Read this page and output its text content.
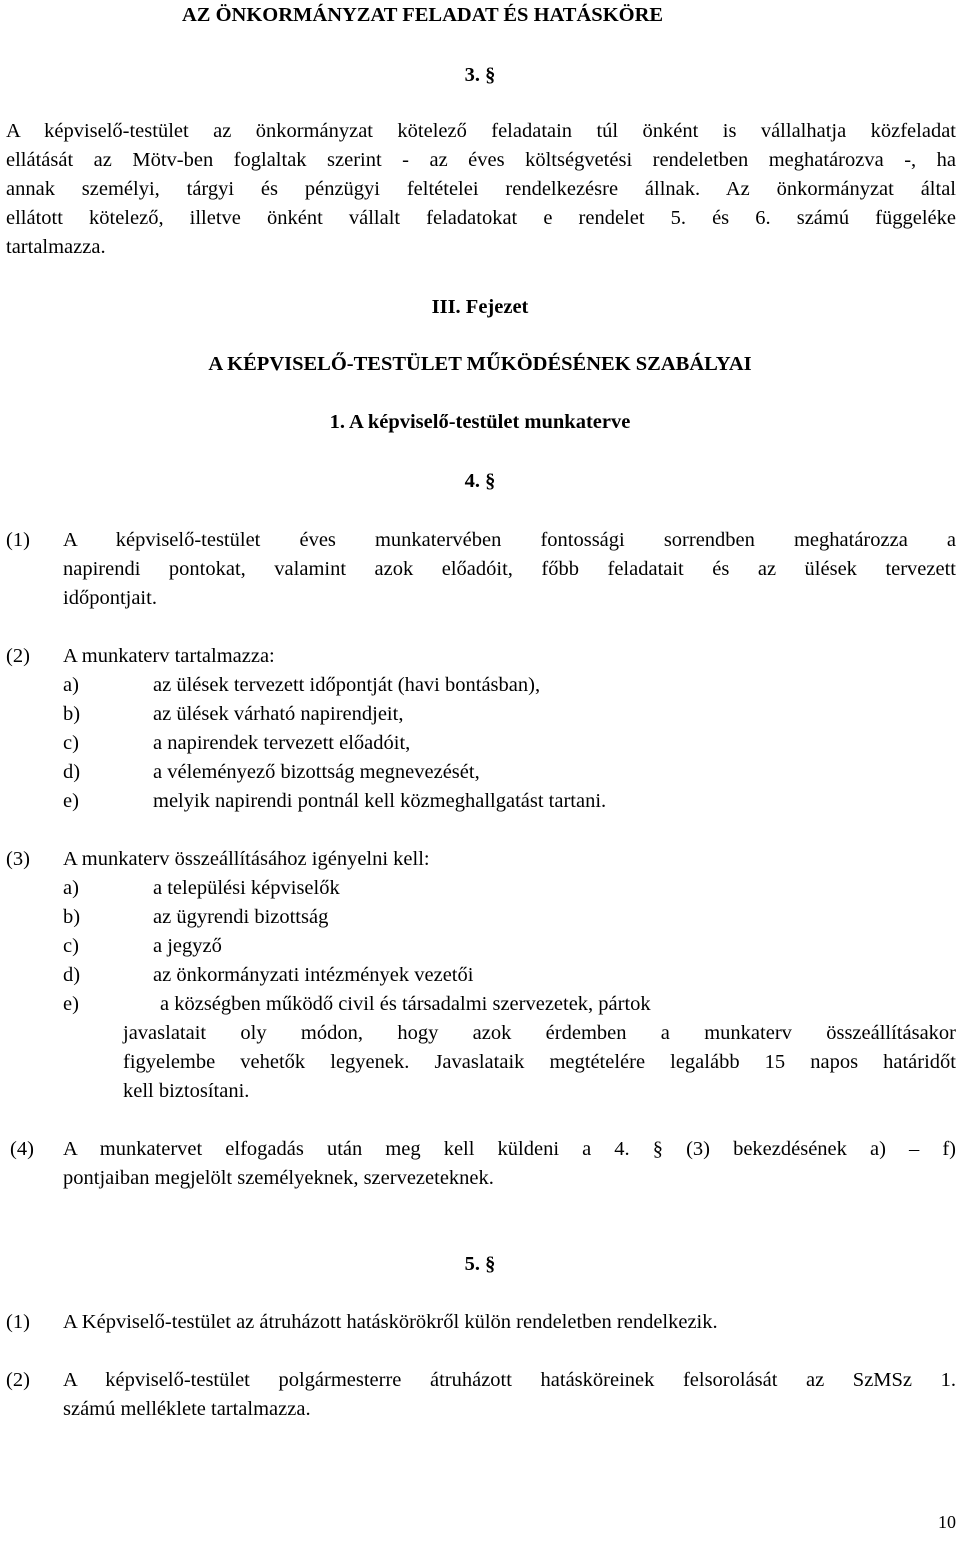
AZ ÖNKORMÁNYZAT FELADAT ÉS HATÁSKÖRE
3. §
A képviselő-testület az önkormányzat kötelező feladatain túl önként is vállalhatja közfeladat
ellátását az Mötv-ben foglaltak szerint - az éves költségvetési rendeletben meghatározva -, ha
annak személyi, tárgyi és pénzügyi feltételei rendelkezésre állnak. Az önkormányzat által
ellátott kötelező, illetve önként vállalt feladatokat e rendelet 5. és 6. számú függeléke
tartalmazza.
III. Fejezet
A KÉPVISELŐ-TESTÜLET MŰKÖDÉSÉNEK SZABÁLYAI
1. A képviselő-testület munkaterve
4. §
(1) A képviselő-testület éves munkatervében fontossági sorrendben meghatározza a
napirendi pontokat, valamint azok előadóit, főbb feladatait és az ülések tervezett
időpontjait.
(2) A munkaterv tartalmazza:
a)	az ülések tervezett időpontját (havi bontásban),
b)	az ülések várható napirendjeit,
c)	a napirendek tervezett előadóit,
d)	a véleményező bizottság megnevezését,
e)	melyik napirendi pontnál kell közmeghallgatást tartani.
(3) A munkaterv összeállításához igényelni kell:
a)	a települési képviselők
b)	az ügyrendi bizottság
c)	a jegyző
d)	az önkormányzati intézmények vezetői
e)	a községben működő civil és társadalmi szervezetek, pártok
javaslatait oly módon, hogy azok érdemben a munkaterv összeállításakor
figyelembe vehetők legyenek. Javaslataik megtételére legalább 15 napos határidőt
kell biztosítani.
(4) A munkatervet elfogadás után meg kell küldeni a 4. § (3) bekezdésének a) – f)
pontjaiban megjelölt személyeknek, szervezeteknek.
5. §
(1) A Képviselő-testület az átruházott hatáskörökről külön rendeletben rendelkezik.
(2) A képviselő-testület polgármesterre átruházott hatásköreinek felsorolását az SzMSz 1.
számú melléklete tartalmazza.
10
